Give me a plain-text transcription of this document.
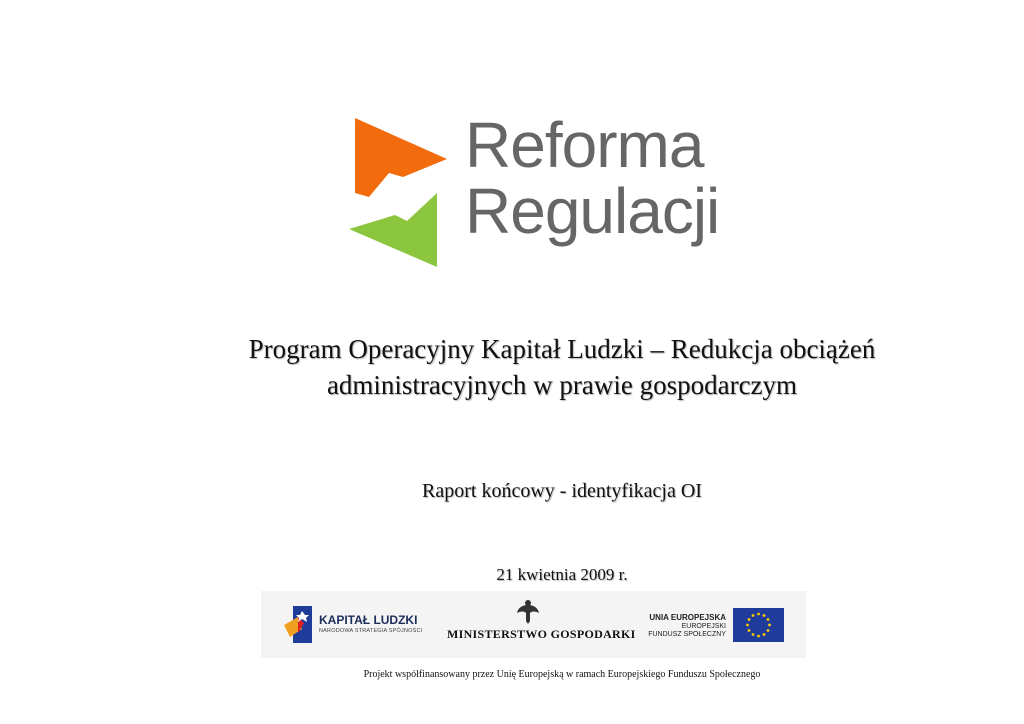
Reforma
Regulacji
Program Operacyjny Kapitał Ludzki – Redukcja obciążeń
administracyjnych w prawie gospodarczym
Raport końcowy - identyfikacja OI
21 kwietnia 2009 r.
KAPITAŁ LUDZKI
NARODOWA STRATEGIA SPÓJNOŚCI MINISTERSTWO GOSPODARKI
UNIA EUROPEJSKA
EUROPEJSKI
FUNDUSZ SPOŁECZNY
Projekt współfinansowany przez Unię Europejską w ramach Europejskiego Funduszu Społecznego
